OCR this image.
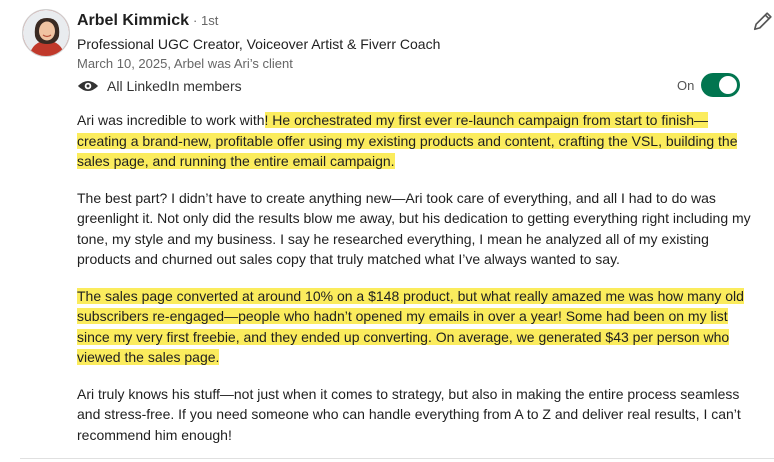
Arbel Kimmick · 1st
Professional UGC Creator, Voiceover Artist & Fiverr Coach
March 10, 2025, Arbel was Ari’s client
All LinkedIn members	On

Ari was incredible to work with! He orchestrated my first ever re-launch campaign from start to finish—creating a brand-new, profitable offer using my existing products and content, crafting the VSL, building the sales page, and running the entire email campaign.

The best part? I didn’t have to create anything new—Ari took care of everything, and all I had to do was greenlight it. Not only did the results blow me away, but his dedication to getting everything right including my tone, my style and my business. I say he researched everything, I mean he analyzed all of my existing products and churned out sales copy that truly matched what I’ve always wanted to say.

The sales page converted at around 10% on a $148 product, but what really amazed me was how many old subscribers re-engaged—people who hadn’t opened my emails in over a year! Some had been on my list since my very first freebie, and they ended up converting. On average, we generated $43 per person who viewed the sales page.

Ari truly knows his stuff—not just when it comes to strategy, but also in making the entire process seamless and stress-free. If you need someone who can handle everything from A to Z and deliver real results, I can’t recommend him enough!
